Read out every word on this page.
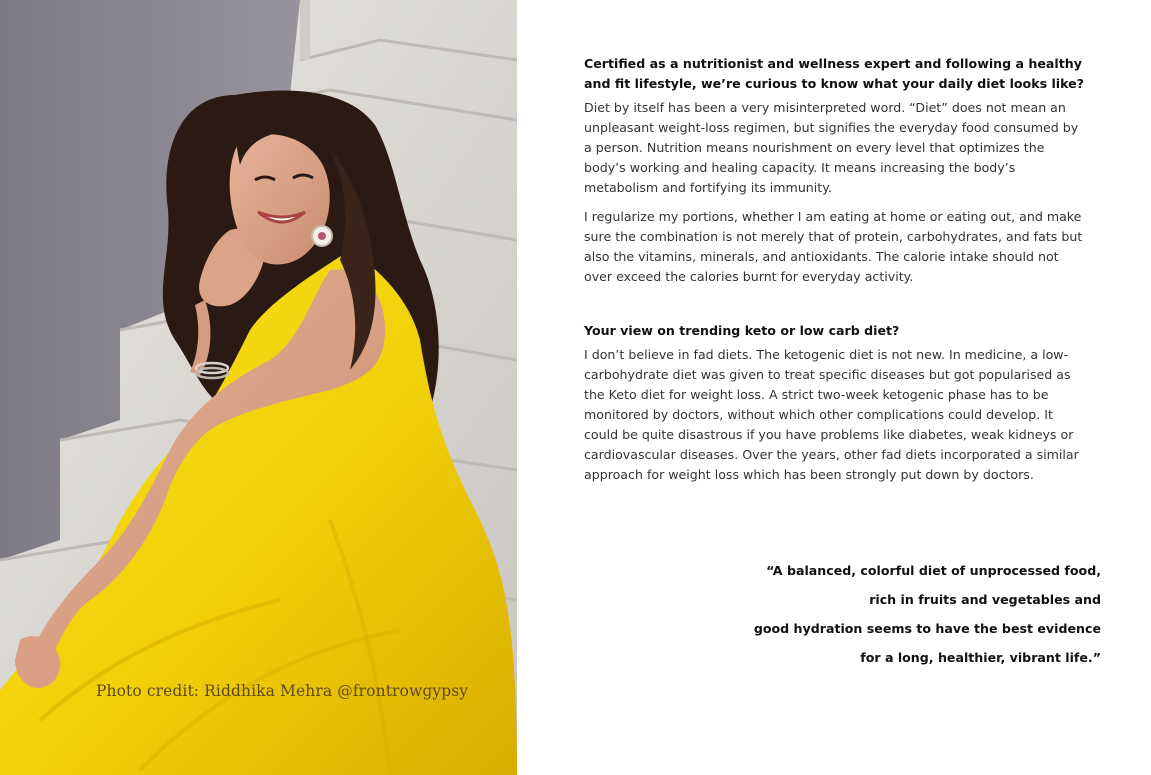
Photo credit: Riddhika Mehra @frontrowgypsy
Certified as a nutritionist and wellness expert and following a healthy and fit lifestyle, we’re curious to know what your daily diet looks like?

Diet by itself has been a very misinterpreted word. “Diet” does not mean an unpleasant weight-loss regimen, but signifies the everyday food consumed by a person. Nutrition means nourishment on every level that optimizes the body’s working and healing capacity. It means increasing the body’s metabolism and fortifying its immunity.

I regularize my portions, whether I am eating at home or eating out, and make sure the combination is not merely that of protein, carbohydrates, and fats but also the vitamins, minerals, and antioxidants. The calorie intake should not over exceed the calories burnt for everyday activity.

Your view on trending keto or low carb diet?

I don’t believe in fad diets. The ketogenic diet is not new. In medicine, a low-carbohydrate diet was given to treat specific diseases but got popularised as the Keto diet for weight loss. A strict two-week ketogenic phase has to be monitored by doctors, without which other complications could develop. It could be quite disastrous if you have problems like diabetes, weak kidneys or cardiovascular diseases. Over the years, other fad diets incorporated a similar approach for weight loss which has been strongly put down by doctors.

“A balanced, colorful diet of unprocessed food,
rich in fruits and vegetables and
good hydration seems to have the best evidence
for a long, healthier, vibrant life.”
